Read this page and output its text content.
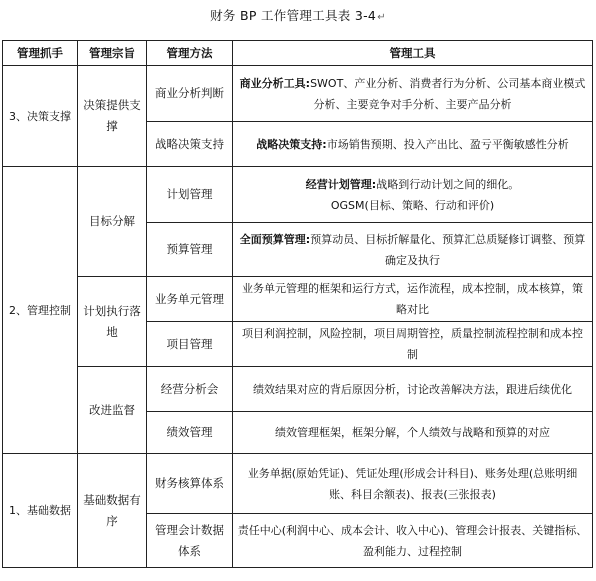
财务 BP 工作管理工具表 3-4↵
管理抓手	管理宗旨	管理方法	管理工具
3、决策支撑	决策提供支撑	商业分析判断	商业分析工具:SWOT、产业分析、消费者行为分析、公司基本商业模式分析、主要竞争对手分析、主要产品分析
		战略决策支持	战略决策支持:市场销售预期、投入产出比、盈亏平衡敏感性分析
2、管理控制	目标分解	计划管理	经营计划管理:战略到行动计划之间的细化。
OGSM(目标、策略、行动和评价)
		预算管理	全面预算管理:预算动员、目标折解量化、预算汇总质疑修订调整、预算确定及执行
	计划执行落地	业务单元管理	业务单元管理的框架和运行方式，运作流程，成本控制，成本核算，策略对比
		项目管理	项目利润控制，风险控制，项目周期管控，质量控制流程控制和成本控制
	改进监督	经营分析会	绩效结果对应的背后原因分析，讨论改善解决方法，跟进后续优化
		绩效管理	绩效管理框架，框架分解，个人绩效与战略和预算的对应
1、基础数据	基础数据有序	财务核算体系	业务单据(原始凭证)、凭证处理(形成会计科目)、账务处理(总账明细账、科目余额表)、报表(三张报表)
		管理会计数据体系	责任中心(利润中心、成本会计、收入中心)、管理会计报表、关键指标、盈利能力、过程控制
